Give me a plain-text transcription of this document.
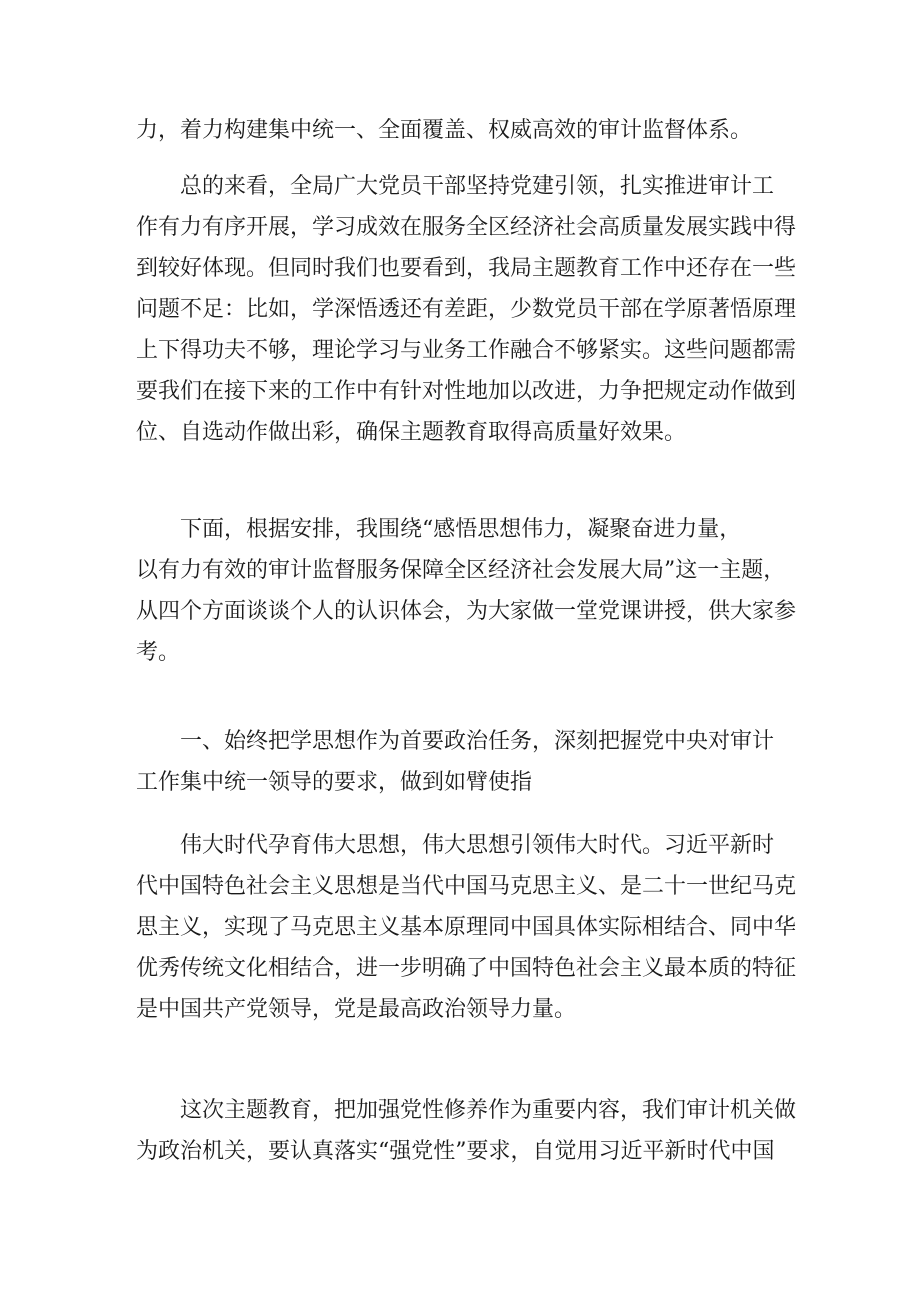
力，着力构建集中统一、全面覆盖、权威高效的审计监督体系。

总的来看，全局广大党员干部坚持党建引领，扎实推进审计工
作有力有序开展，学习成效在服务全区经济社会高质量发展实践中得
到较好体现。但同时我们也要看到，我局主题教育工作中还存在一些
问题不足：比如，学深悟透还有差距，少数党员干部在学原著悟原理
上下得功夫不够，理论学习与业务工作融合不够紧实。这些问题都需
要我们在接下来的工作中有针对性地加以改进，力争把规定动作做到
位、自选动作做出彩，确保主题教育取得高质量好效果。

下面，根据安排，我围绕“感悟思想伟力，凝聚奋进力量，
以有力有效的审计监督服务保障全区经济社会发展大局”这一主题，
从四个方面谈谈个人的认识体会，为大家做一堂党课讲授，供大家参
考。

一、始终把学思想作为首要政治任务，深刻把握党中央对审计
工作集中统一领导的要求，做到如臂使指

伟大时代孕育伟大思想，伟大思想引领伟大时代。习近平新时
代中国特色社会主义思想是当代中国马克思主义、是二十一世纪马克
思主义，实现了马克思主义基本原理同中国具体实际相结合、同中华
优秀传统文化相结合，进一步明确了中国特色社会主义最本质的特征
是中国共产党领导，党是最高政治领导力量。

这次主题教育，把加强党性修养作为重要内容，我们审计机关做
为政治机关，要认真落实“强党性”要求，自觉用习近平新时代中国
